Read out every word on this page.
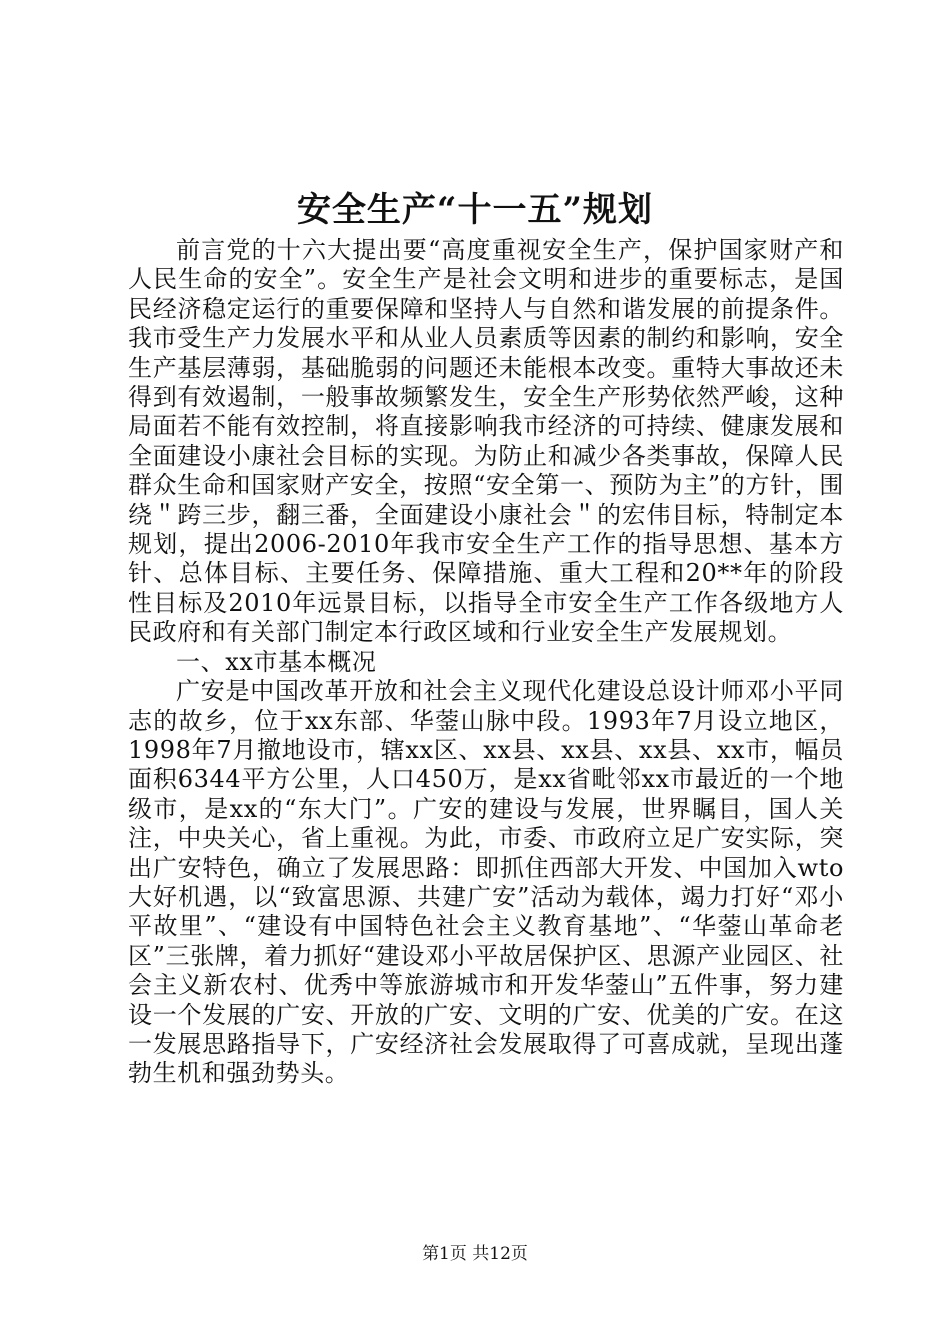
安全生产“十一五”规划

前言党的十六大提出要“高度重视安全生产，保护国家财产和人民生命的安全”。安全生产是社会文明和进步的重要标志，是国民经济稳定运行的重要保障和坚持人与自然和谐发展的前提条件。我市受生产力发展水平和从业人员素质等因素的制约和影响，安全生产基层薄弱，基础脆弱的问题还未能根本改变。重特大事故还未得到有效遏制，一般事故频繁发生，安全生产形势依然严峻，这种局面若不能有效控制，将直接影响我市经济的可持续、健康发展和全面建设小康社会目标的实现。为防止和减少各类事故，保障人民群众生命和国家财产安全，按照“安全第一、预防为主”的方针，围绕＂跨三步，翻三番，全面建设小康社会＂的宏伟目标，特制定本规划，提出2006-2010年我市安全生产工作的指导思想、基本方针、总体目标、主要任务、保障措施、重大工程和20**年的阶段性目标及2010年远景目标，以指导全市安全生产工作各级地方人民政府和有关部门制定本行政区域和行业安全生产发展规划。

一、xx市基本概况

广安是中国改革开放和社会主义现代化建设总设计师邓小平同志的故乡，位于xx东部、华蓥山脉中段。1993年7月设立地区，1998年7月撤地设市，辖xx区、xx县、xx县、xx县、xx市，幅员面积6344平方公里，人口450万，是xx省毗邻xx市最近的一个地级市，是xx的“东大门”。广安的建设与发展，世界瞩目，国人关注，中央关心，省上重视。为此，市委、市政府立足广安实际，突出广安特色，确立了发展思路：即抓住西部大开发、中国加入wto大好机遇，以“致富思源、共建广安”活动为载体，竭力打好“邓小平故里”、“建设有中国特色社会主义教育基地”、“华蓥山革命老区”三张牌，着力抓好“建设邓小平故居保护区、思源产业园区、社会主义新农村、优秀中等旅游城市和开发华蓥山”五件事，努力建设一个发展的广安、开放的广安、文明的广安、优美的广安。在这一发展思路指导下，广安经济社会发展取得了可喜成就，呈现出蓬勃生机和强劲势头。

第1页 共12页
